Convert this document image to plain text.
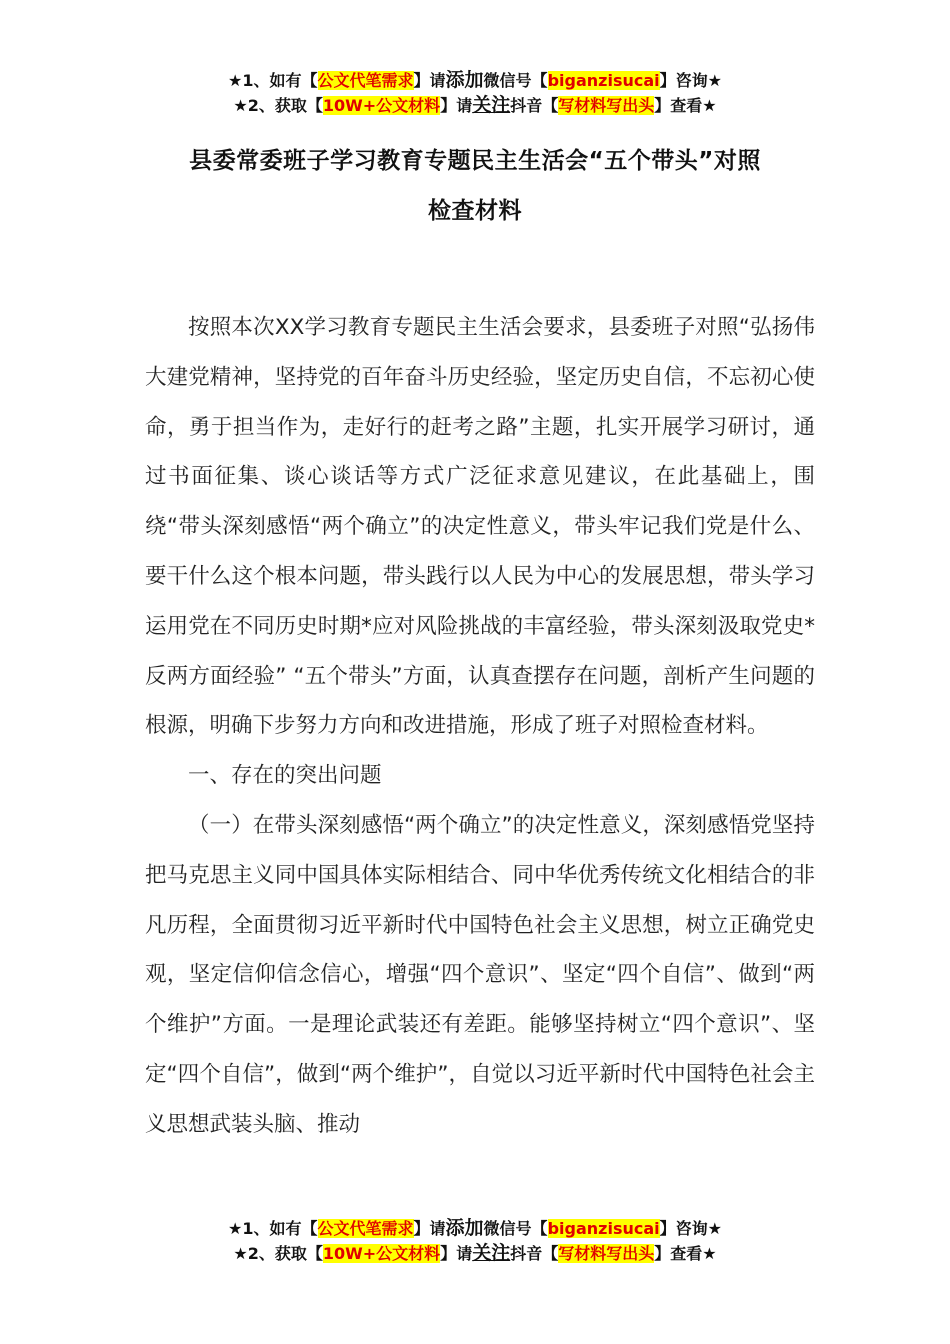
★1、如有【公文代笔需求】请添加微信号【biganzisucai】咨询★
★2、获取【10W+公文材料】请关注抖音【写材料写出头】查看★
县委常委班子学习教育专题民主生活会“五个带头”对照
检查材料

按照本次XX学习教育专题民主生活会要求，县委班子对照“弘扬伟大建党精神，坚持党的百年奋斗历史经验，坚定历史自信，不忘初心使命，勇于担当作为，走好行的赶考之路”主题，扎实开展学习研讨，通过书面征集、谈心谈话等方式广泛征求意见建议，在此基础上，围绕“带头深刻感悟“两个确立”的决定性意义，带头牢记我们党是什么、要干什么这个根本问题，带头践行以人民为中心的发展思想，带头学习运用党在不同历史时期*应对风险挑战的丰富经验，带头深刻汲取党史*反两方面经验” “五个带头”方面，认真查摆存在问题，剖析产生问题的根源，明确下步努力方向和改进措施，形成了班子对照检查材料。

一、存在的突出问题

（一）在带头深刻感悟“两个确立”的决定性意义，深刻感悟党坚持把马克思主义同中国具体实际相结合、同中华优秀传统文化相结合的非凡历程，全面贯彻习近平新时代中国特色社会主义思想，树立正确党史观，坚定信仰信念信心，增强“四个意识”、坚定“四个自信”、做到“两个维护”方面。一是理论武装还有差距。能够坚持树立“四个意识”、坚定“四个自信”，做到“两个维护”，自觉以习近平新时代中国特色社会主义思想武装头脑、推动

★1、如有【公文代笔需求】请添加微信号【biganzisucai】咨询★
★2、获取【10W+公文材料】请关注抖音【写材料写出头】查看★
